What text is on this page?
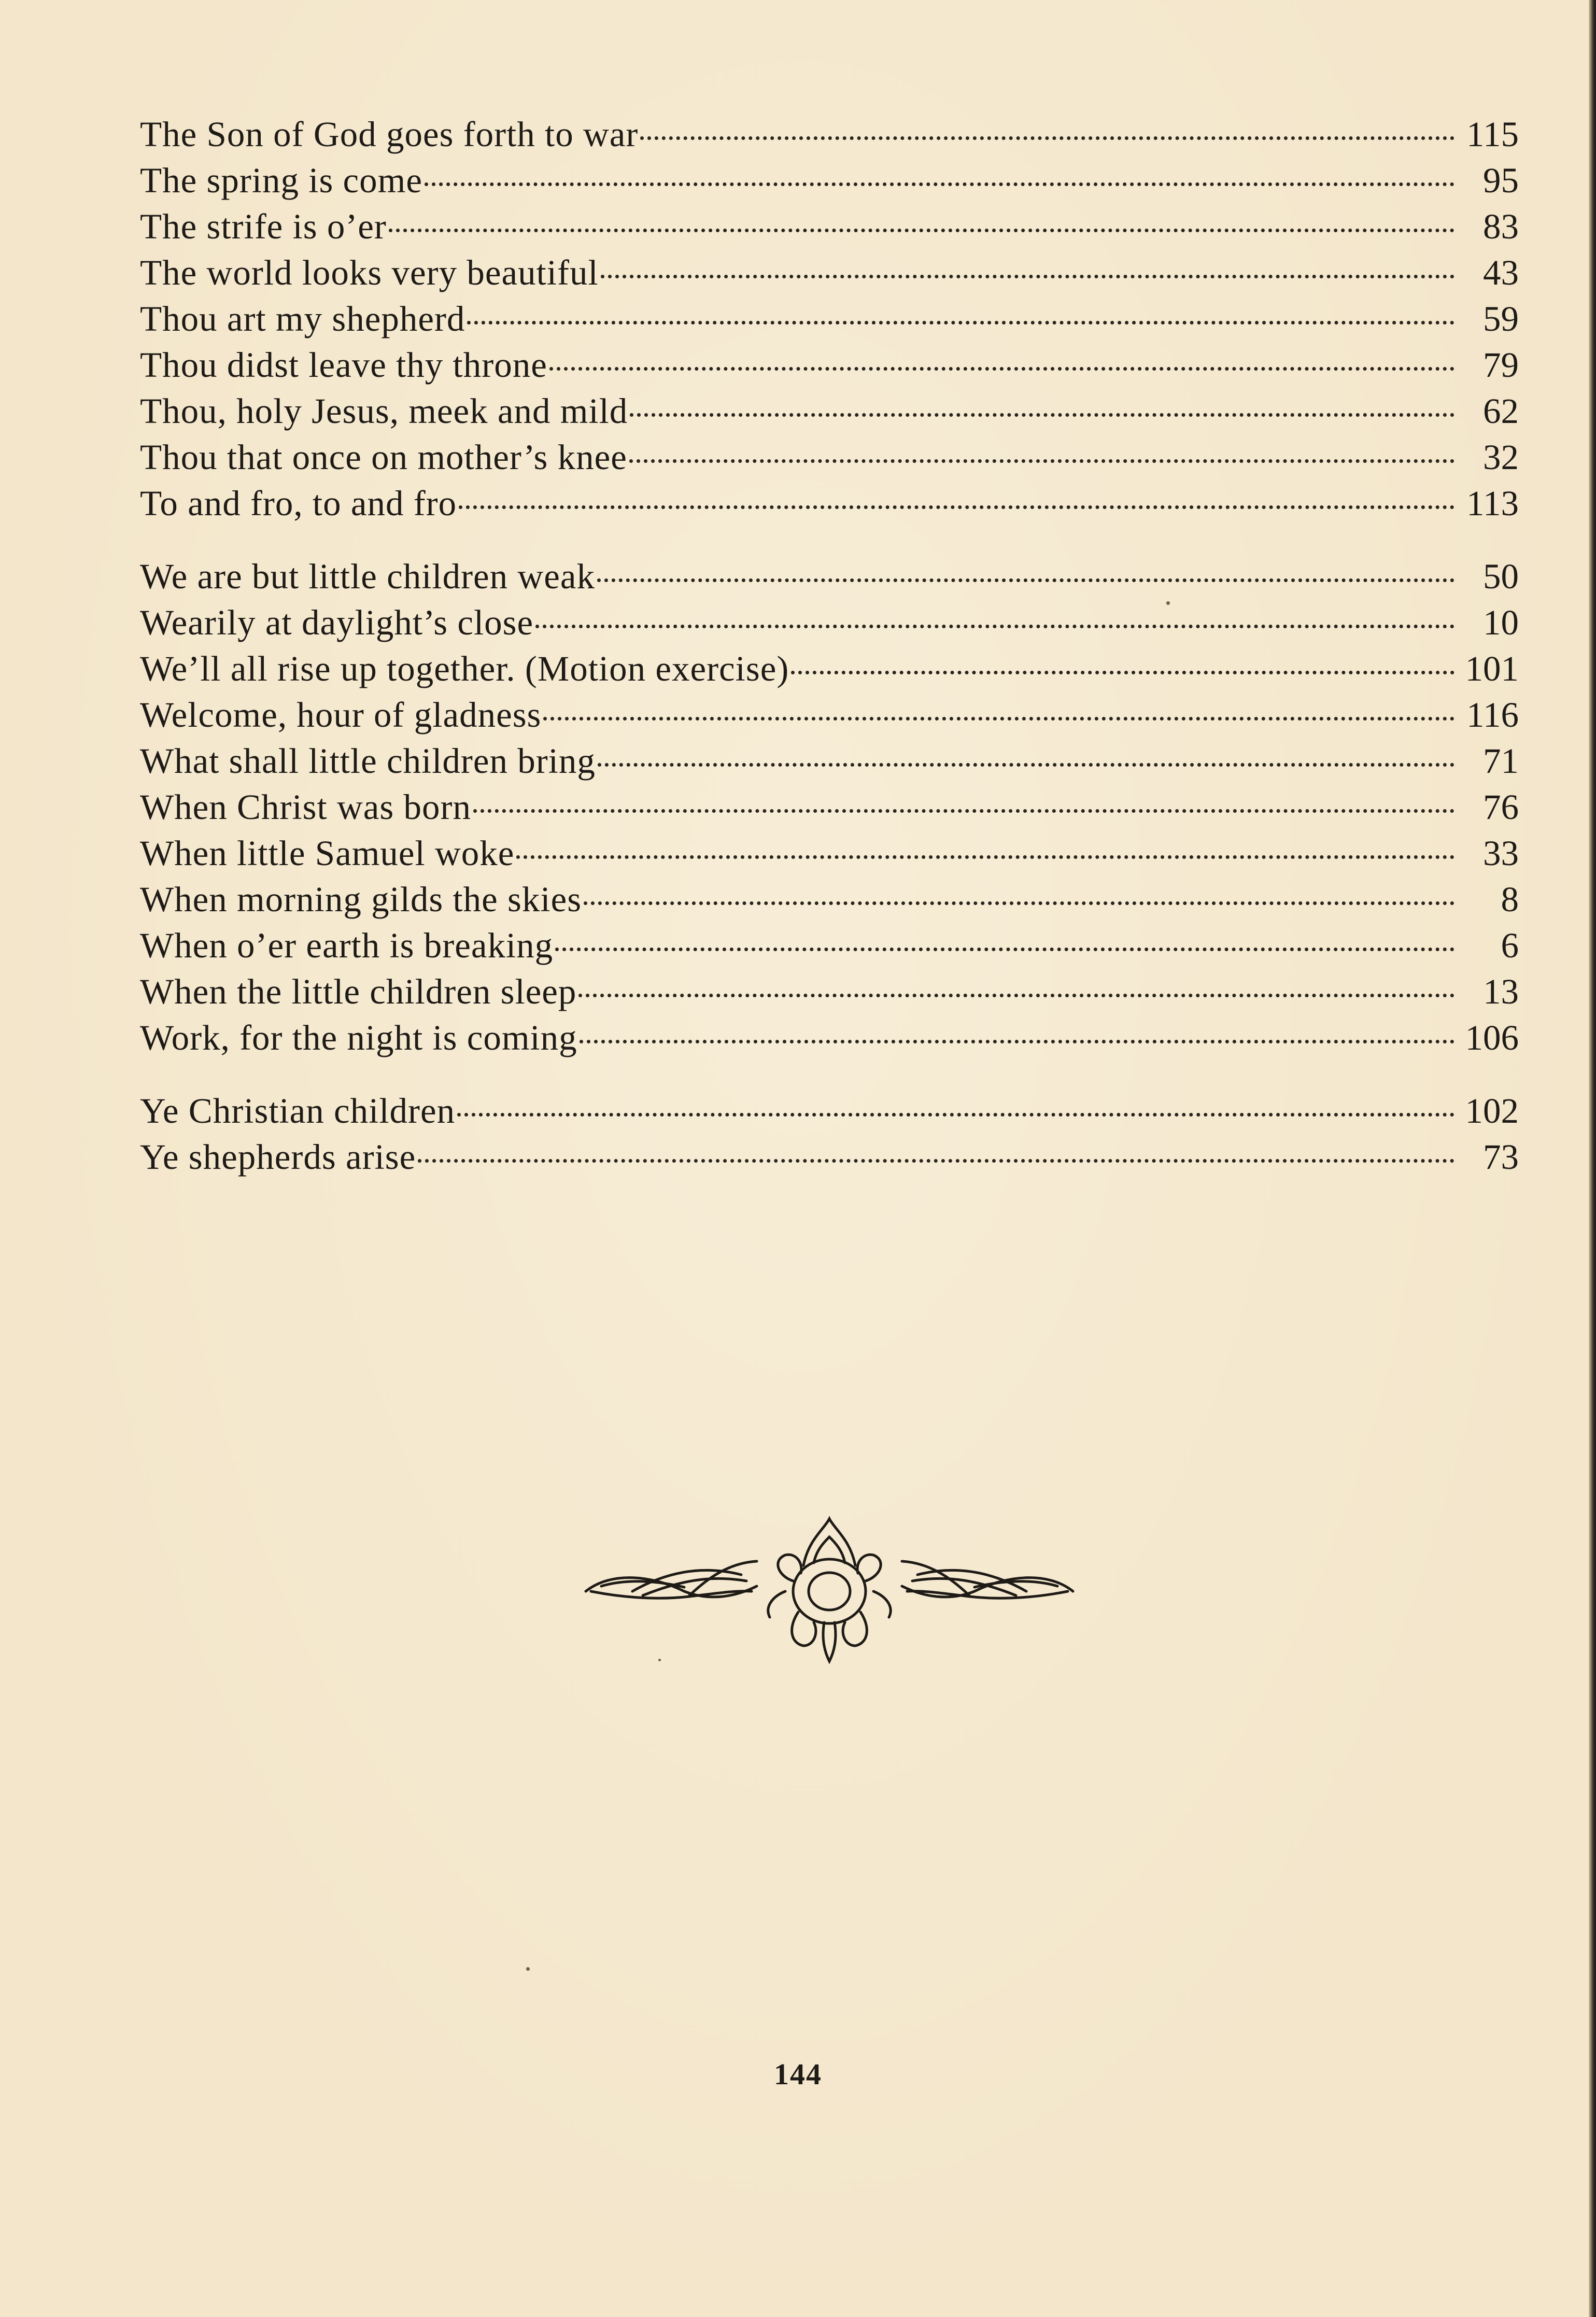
The Son of God goes forth to war	115
The spring is come	95
The strife is o’er	83
The world looks very beautiful	43
Thou art my shepherd	59
Thou didst leave thy throne	79
Thou, holy Jesus, meek and mild	62
Thou that once on mother’s knee	32
To and fro, to and fro	113
We are but little children weak	50
Wearily at daylight’s close	10
We’ll all rise up together. (Motion exercise)	101
Welcome, hour of gladness	116
What shall little children bring	71
When Christ was born	76
When little Samuel woke	33
When morning gilds the skies	8
When o’er earth is breaking	6
When the little children sleep	13
Work, for the night is coming	106
Ye Christian children	102
Ye shepherds arise	73
144
